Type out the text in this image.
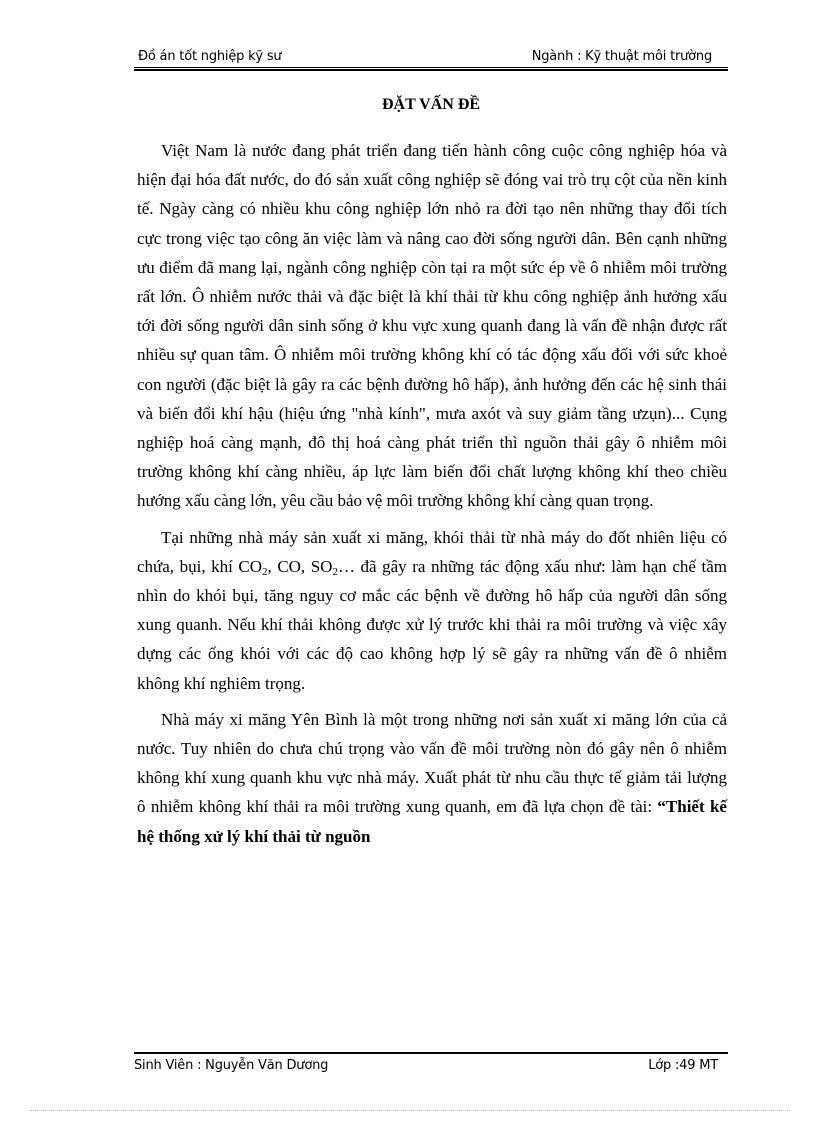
Đồ án tốt nghiệp kỹ sư	Ngành : Kỹ thuật môi trường
ĐẶT VẤN ĐỀ

Việt Nam là nước đang phát triển đang tiến hành công cuộc công nghiệp hóa và hiện đại hóa đất nước, do đó sản xuất công nghiệp sẽ đóng vai trò trụ cột của nền kinh tế. Ngày càng có nhiều khu công nghiệp lớn nhỏ ra đời tạo nên những thay đổi tích cực trong việc tạo công ăn việc làm và nâng cao đời sống người dân. Bên cạnh những ưu điểm đã mang lại, ngành công nghiệp còn tại ra một sức ép về ô nhiễm môi trường rất lớn. Ô nhiễm nước thải và đặc biệt là khí thải từ khu công nghiệp ảnh hưởng xấu tới đời sống người dân sinh sống ở khu vực xung quanh đang là vấn đề nhận được rất nhiều sự quan tâm. Ô nhiễm môi trường không khí có tác động xấu đối với sức khoẻ con người (đặc biệt là gây ra các bệnh đường hô hấp), ảnh hưởng đến các hệ sinh thái và biến đổi khí hậu (hiệu ứng "nhà kính", mưa axót và suy giảm tầng ưzụn)... Cụng nghiệp hoá càng mạnh, đô thị hoá càng phát triển thì nguồn thải gây ô nhiễm môi trường không khí càng nhiều, áp lực làm biến đổi chất lượng không khí theo chiều hướng xấu càng lớn, yêu cầu bảo vệ môi trường không khí càng quan trọng.

Tại những nhà máy sản xuất xi măng, khói thải từ nhà máy do đốt nhiên liệu có chứa, bụi, khí $CO_2$, CO, $SO_2\dots$ đã gây ra những tác động xấu như: làm hạn chế tầm nhìn do khói bụi, tăng nguy cơ mắc các bệnh về đường hô hấp của người dân sống xung quanh. Nếu khí thải không được xử lý trước khi thải ra môi trường và việc xây dựng các ống khói với các độ cao không hợp lý sẽ gây ra những vấn đề ô nhiễm không khí nghiêm trọng.

Nhà máy xi măng Yên Bình là một trong những nơi sản xuất xi măng lớn của cả nước. Tuy nhiên do chưa chú trọng vào vấn đề môi trường nòn đó gây nên ô nhiễm không khí xung quanh khu vực nhà máy. Xuất phát từ nhu cầu thực tế giảm tải lượng ô nhiễm không khí thải ra môi trường xung quanh, em đã lựa chọn đề tài: “Thiết kế hệ thống xử lý khí thải từ nguồn

Sinh Viên : Nguyễn Văn Dương	Lớp :49 MT
